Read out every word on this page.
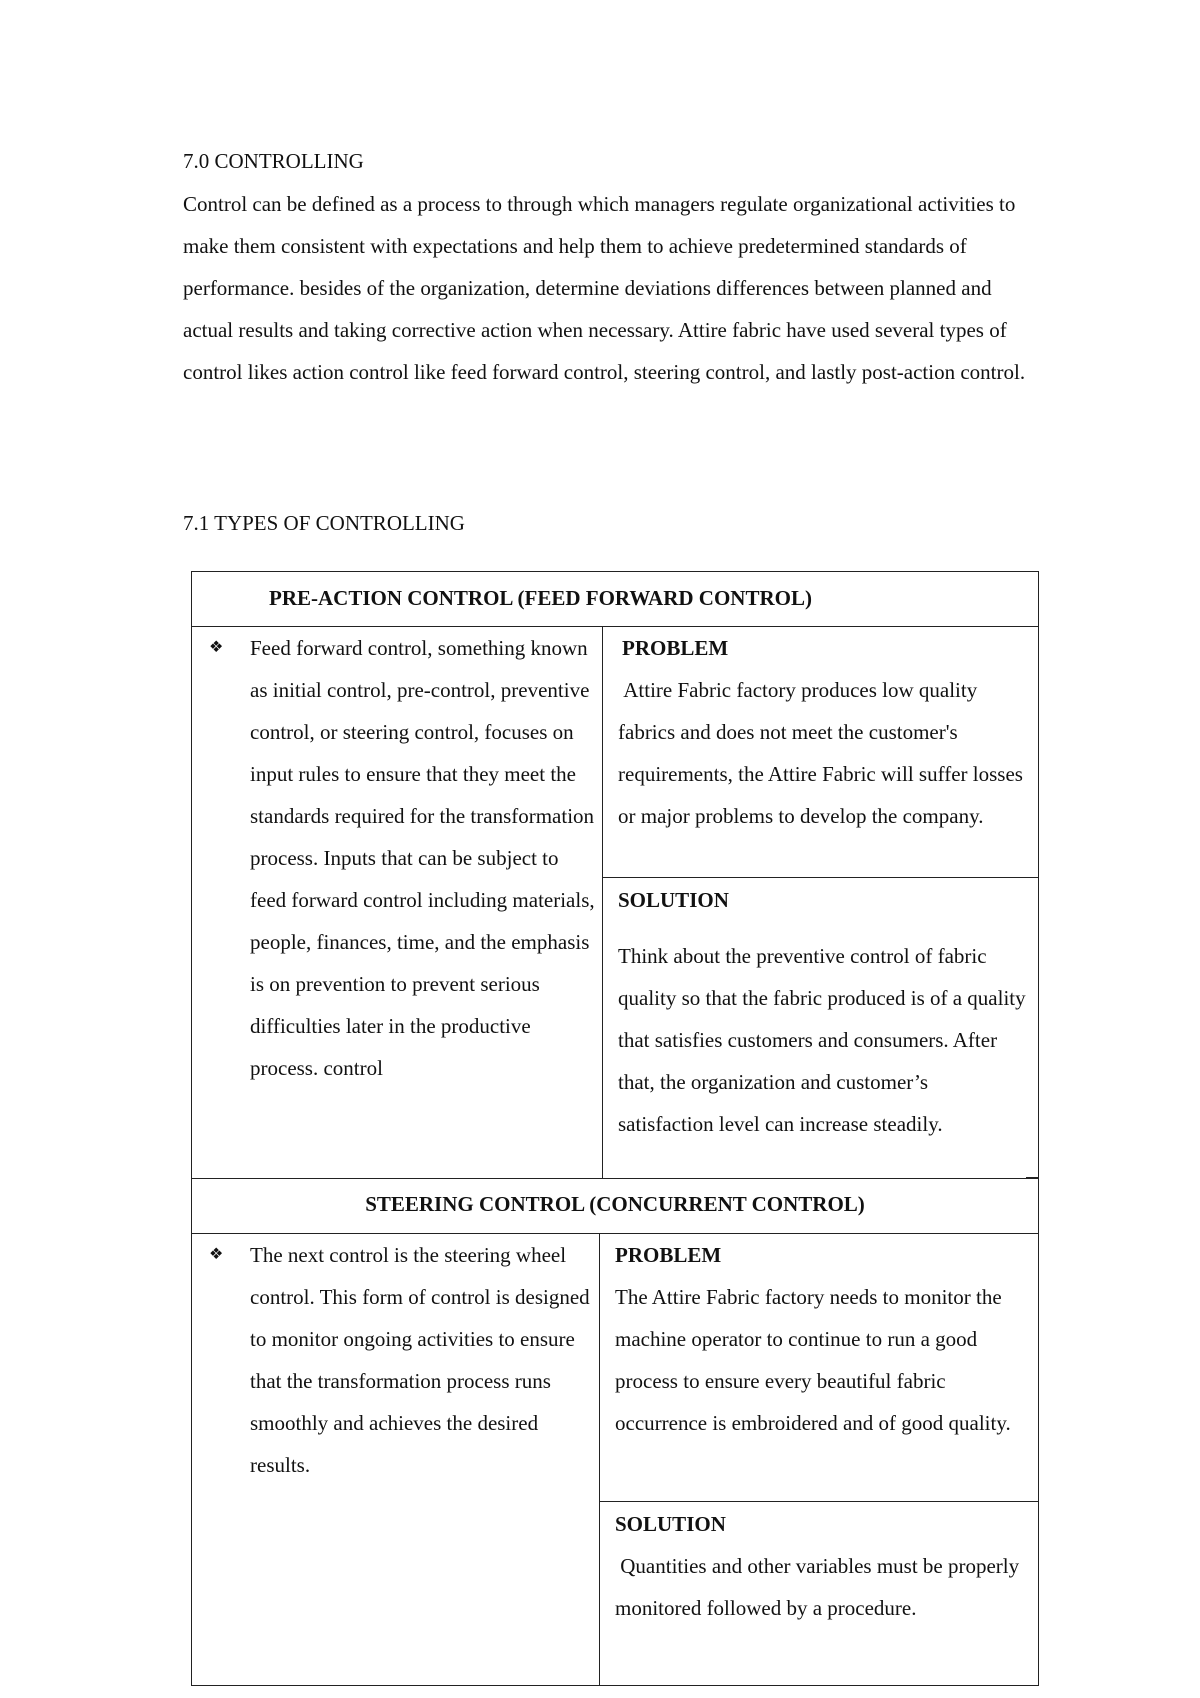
7.0 CONTROLLING

Control can be defined as a process to through which managers regulate organizational activities to make them consistent with expectations and help them to achieve predetermined standards of performance. besides of the organization, determine deviations differences between planned and actual results and taking corrective action when necessary. Attire fabric have used several types of control likes action control like feed forward control, steering control, and lastly post-action control.

7.1 TYPES OF CONTROLLING
PRE-ACTION CONTROL (FEED FORWARD CONTROL)
❖ Feed forward control, something known as initial control, pre-control, preventive control, or steering control, focuses on input rules to ensure that they meet the standards required for the transformation process. Inputs that can be subject to feed forward control including materials, people, finances, time, and the emphasis is on prevention to prevent serious difficulties later in the productive process. control
PROBLEM
Attire Fabric factory produces low quality fabrics and does not meet the customer's requirements, the Attire Fabric will suffer losses or major problems to develop the company.
SOLUTION
Think about the preventive control of fabric quality so that the fabric produced is of a quality that satisfies customers and consumers. After that, the organization and customer’s satisfaction level can increase steadily.
STEERING CONTROL (CONCURRENT CONTROL)
❖ The next control is the steering wheel control. This form of control is designed to monitor ongoing activities to ensure that the transformation process runs smoothly and achieves the desired results.
PROBLEM
The Attire Fabric factory needs to monitor the machine operator to continue to run a good process to ensure every beautiful fabric occurrence is embroidered and of good quality.
SOLUTION
Quantities and other variables must be properly monitored followed by a procedure.
